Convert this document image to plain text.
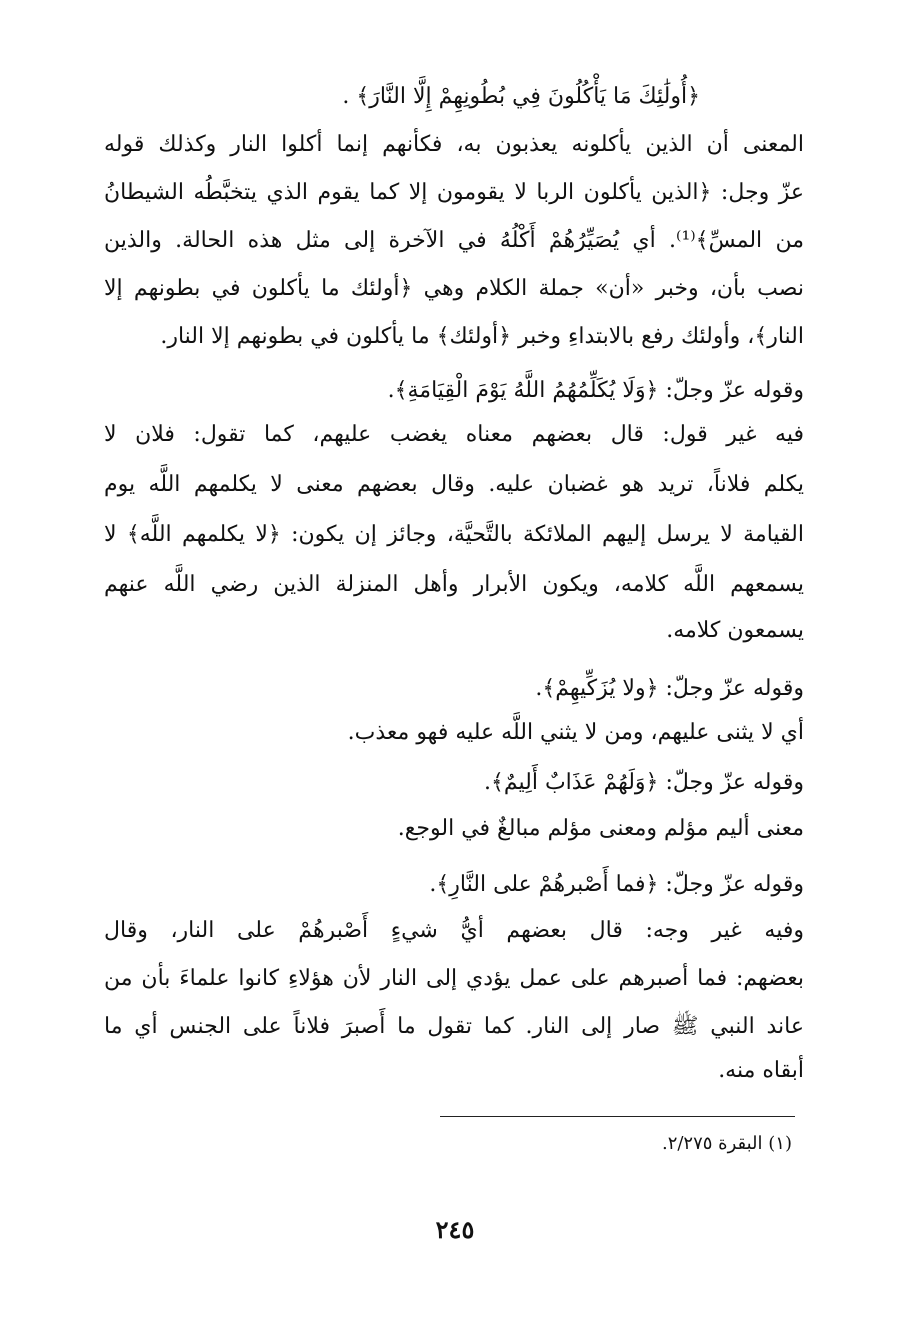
﴿أُولَٰئِكَ مَا يَأْكُلُونَ فِي بُطُونِهِمْ إِلَّا النَّارَ﴾ .
المعنى أن الذين يأكلونه يعذبون به، فكأنهم إنما أكلوا النار وكذلك قوله
عزّ وجل: ﴿الذين يأكلون الربا لا يقومون إلا كما يقوم الذي يتخبَّطُه الشيطانُ
من المسِّ﴾⁽¹⁾. أي يُصَيِّرُهُمْ أَكْلُهُ في الآخرة إلى مثل هذه الحالة. والذين
نصب بأن، وخبر «أن» جملة الكلام وهي ﴿أولئك ما يأكلون في بطونهم إلا
النار﴾، وأولئك رفع بالابتداءِ وخبر ﴿أولئك﴾ ما يأكلون في بطونهم إلا النار.
وقوله عزّ وجلّ: ﴿وَلَا يُكَلِّمُهُمُ اللَّهُ يَوْمَ الْقِيَامَةِ﴾.
فيه غير قول: قال بعضهم معناه يغضب عليهم، كما تقول: فلان لا
يكلم فلاناً، تريد هو غضبان عليه. وقال بعضهم معنى لا يكلمهم اللَّه يوم
القيامة لا يرسل إليهم الملائكة بالتَّحيَّة، وجائز إن يكون: ﴿لا يكلمهم اللَّه﴾ لا
يسمعهم اللَّه كلامه، ويكون الأبرار وأهل المنزلة الذين رضي اللَّه عنهم
يسمعون كلامه.
وقوله عزّ وجلّ: ﴿ولا يُزَكِّيهِمْ﴾.
أي لا يثنى عليهم، ومن لا يثني اللَّه عليه فهو معذب.
وقوله عزّ وجلّ: ﴿وَلَهُمْ عَذَابٌ أَلِيمٌ﴾.
معنى أليم مؤلم ومعنى مؤلم مبالغٌ في الوجع.
وقوله عزّ وجلّ: ﴿فما أَصْبرهُمْ على النَّارِ﴾.
وفيه غير وجه: قال بعضهم أيُّ شيءٍ أَصْبرهُمْ على النار، وقال
بعضهم: فما أصبرهم على عمل يؤدي إلى النار لأن هؤلاءِ كانوا علماءَ بأن من
عاند النبي ﷺ صار إلى النار. كما تقول ما أَصبرَ فلاناً على الجنس أي ما
أبقاه منه.
(١) البقرة ٢/٢٧٥.
٢٤٥
